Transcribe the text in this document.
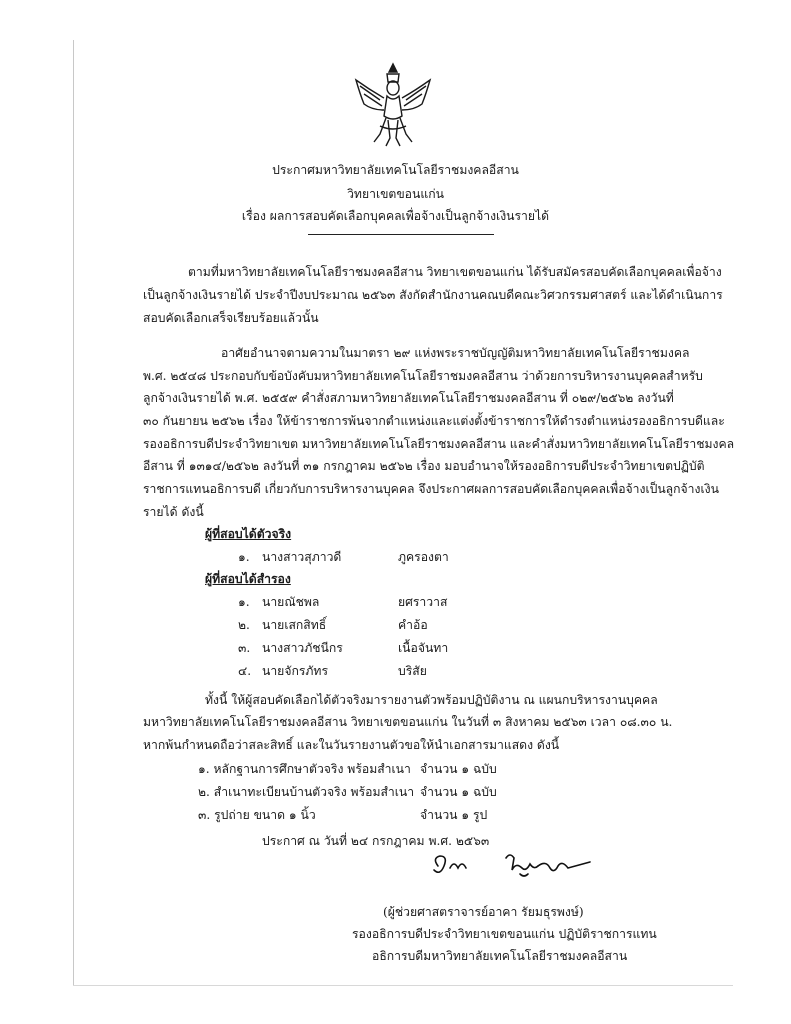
ประกาศมหาวิทยาลัยเทคโนโลยีราชมงคลอีสาน
วิทยาเขตขอนแก่น
เรื่อง ผลการสอบคัดเลือกบุคคลเพื่อจ้างเป็นลูกจ้างเงินรายได้
ตามที่มหาวิทยาลัยเทคโนโลยีราชมงคลอีสาน วิทยาเขตขอนแก่น ได้รับสมัครสอบคัดเลือกบุคคลเพื่อจ้าง
เป็นลูกจ้างเงินรายได้ ประจำปีงบประมาณ ๒๕๖๓ สังกัดสำนักงานคณบดีคณะวิศวกรรมศาสตร์ และได้ดำเนินการ
สอบคัดเลือกเสร็จเรียบร้อยแล้วนั้น
อาศัยอำนาจตามความในมาตรา ๒๙ แห่งพระราชบัญญัติมหาวิทยาลัยเทคโนโลยีราชมงคล
พ.ศ. ๒๕๔๘ ประกอบกับข้อบังคับมหาวิทยาลัยเทคโนโลยีราชมงคลอีสาน ว่าด้วยการบริหารงานบุคคลสำหรับ
ลูกจ้างเงินรายได้ พ.ศ. ๒๕๕๙ คำสั่งสภามหาวิทยาลัยเทคโนโลยีราชมงคลอีสาน ที่ ๐๒๙/๒๕๖๒ ลงวันที่
๓๐ กันยายน ๒๕๖๒ เรื่อง ให้ข้าราชการพ้นจากตำแหน่งและแต่งตั้งข้าราชการให้ดำรงตำแหน่งรองอธิการบดีและ
รองอธิการบดีประจำวิทยาเขต มหาวิทยาลัยเทคโนโลยีราชมงคลอีสาน และคำสั่งมหาวิทยาลัยเทคโนโลยีราชมงคล
อีสาน ที่ ๑๓๑๔/๒๕๖๒ ลงวันที่ ๓๑ กรกฎาคม ๒๕๖๒ เรื่อง มอบอำนาจให้รองอธิการบดีประจำวิทยาเขตปฏิบัติ
ราชการแทนอธิการบดี เกี่ยวกับการบริหารงานบุคคล จึงประกาศผลการสอบคัดเลือกบุคคลเพื่อจ้างเป็นลูกจ้างเงิน
รายได้ ดังนี้
ผู้ที่สอบได้ตัวจริง
๑. นางสาวสุภาวดี	ภูครองตา
ผู้ที่สอบได้สำรอง
๑. นายณัชพล	ยศราวาส
๒. นายเสกสิทธิ์	คำอ้อ
๓. นางสาวภัชนีกร	เนื้อจันทา
๔. นายจักรภัทร	บริสัย
ทั้งนี้ ให้ผู้สอบคัดเลือกได้ตัวจริงมารายงานตัวพร้อมปฏิบัติงาน ณ แผนกบริหารงานบุคคล
มหาวิทยาลัยเทคโนโลยีราชมงคลอีสาน วิทยาเขตขอนแก่น ในวันที่ ๓ สิงหาคม ๒๕๖๓ เวลา ๐๘.๓๐ น.
หากพ้นกำหนดถือว่าสละสิทธิ์ และในวันรายงานตัวขอให้นำเอกสารมาแสดง ดังนี้
๑. หลักฐานการศึกษาตัวจริง พร้อมสำเนา จำนวน ๑ ฉบับ
๒. สำเนาทะเบียนบ้านตัวจริง พร้อมสำเนา จำนวน ๑ ฉบับ
๓. รูปถ่าย ขนาด ๑ นิ้ว	จำนวน ๑ รูป
ประกาศ ณ วันที่ ๒๔ กรกฎาคม พ.ศ. ๒๕๖๓
(ผู้ช่วยศาสตราจารย์อาคา รัยมธุรพงษ์)
รองอธิการบดีประจำวิทยาเขตขอนแก่น ปฏิบัติราชการแทน
อธิการบดีมหาวิทยาลัยเทคโนโลยีราชมงคลอีสาน
